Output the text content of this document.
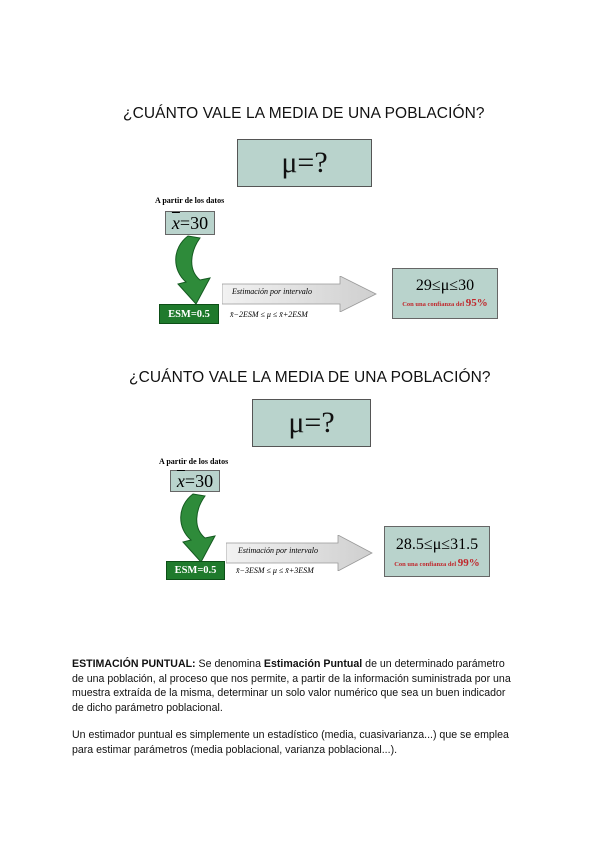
¿CUÁNTO VALE LA MEDIA DE UNA POBLACIÓN?
μ=?
A partir de los datos
$\overline{x} =30$
ESM=0.5
Estimación por intervalo
x̄−2ESM ≤ μ ≤ x̄+2ESM
29≤μ≤30
Con una confianza del 95%
¿CUÁNTO VALE LA MEDIA DE UNA POBLACIÓN?
μ=?
A partir de los datos
$\overline{x} =30$
ESM=0.5
Estimación por intervalo
x̄−3ESM ≤ μ ≤ x̄+3ESM
28.5≤μ≤31.5
Con una confianza del 99%
ESTIMACIÓN PUNTUAL: Se denomina Estimación Puntual de un determinado parámetro de una población, al proceso que nos permite, a partir de la información suministrada por una muestra extraída de la misma, determinar un solo valor numérico que sea un buen indicador de dicho parámetro poblacional.
Un estimador puntual es simplemente un estadístico (media, cuasivarianza...) que se emplea para estimar parámetros (media poblacional, varianza poblacional...).
